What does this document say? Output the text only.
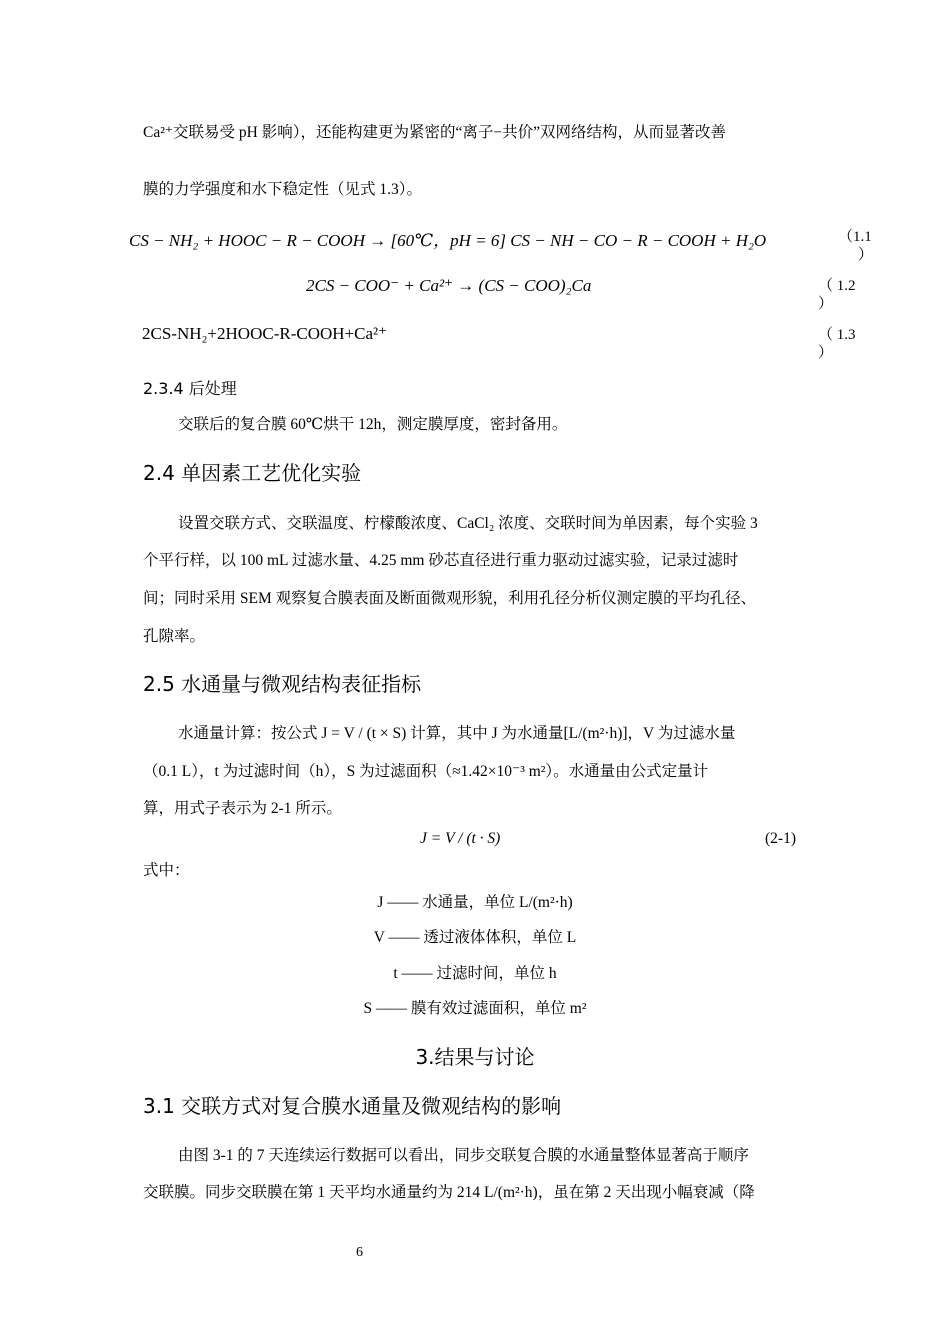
Ca²⁺交联易受 pH 影响），还能构建更为紧密的“离子−共价”双网络结构，从而显著改善
膜的力学强度和水下稳定性（见式 1.3）。
CS − NH₂ + HOOC − R − COOH → [60℃，pH = 6] CS − NH − CO − R − COOH + H₂O	（1.1
）
2CS − COO⁻ + Ca²⁺ → (CS − COO)₂Ca	（ 1.2
）
2CS-NH₂+2HOOC-R-COOH+Ca²⁺	（ 1.3
）
2.3.4 后处理
交联后的复合膜 60℃烘干 12h，测定膜厚度，密封备用。
2.4 单因素工艺优化实验
设置交联方式、交联温度、柠檬酸浓度、CaCl₂ 浓度、交联时间为单因素，每个实验 3
个平行样，以 100 mL 过滤水量、4.25 mm 砂芯直径进行重力驱动过滤实验，记录过滤时
间；同时采用 SEM 观察复合膜表面及断面微观形貌，利用孔径分析仪测定膜的平均孔径、
孔隙率。
2.5 水通量与微观结构表征指标
水通量计算：按公式 J = V / (t × S) 计算，其中 J 为水通量[L/(m²·h)]，V 为过滤水量
（0.1 L），t 为过滤时间（h），S 为过滤面积（≈1.42×10⁻³ m²）。水通量由公式定量计
算，用式子表示为 2-1 所示。
J = V / (t · S)	(2-1)
式中：
J —— 水通量，单位 L/(m²·h)
V —— 透过液体体积，单位 L
t —— 过滤时间，单位 h
S —— 膜有效过滤面积，单位 m²
3.结果与讨论
3.1 交联方式对复合膜水通量及微观结构的影响
由图 3-1 的 7 天连续运行数据可以看出，同步交联复合膜的水通量整体显著高于顺序
交联膜。同步交联膜在第 1 天平均水通量约为 214 L/(m²·h)，虽在第 2 天出现小幅衰减（降
6
